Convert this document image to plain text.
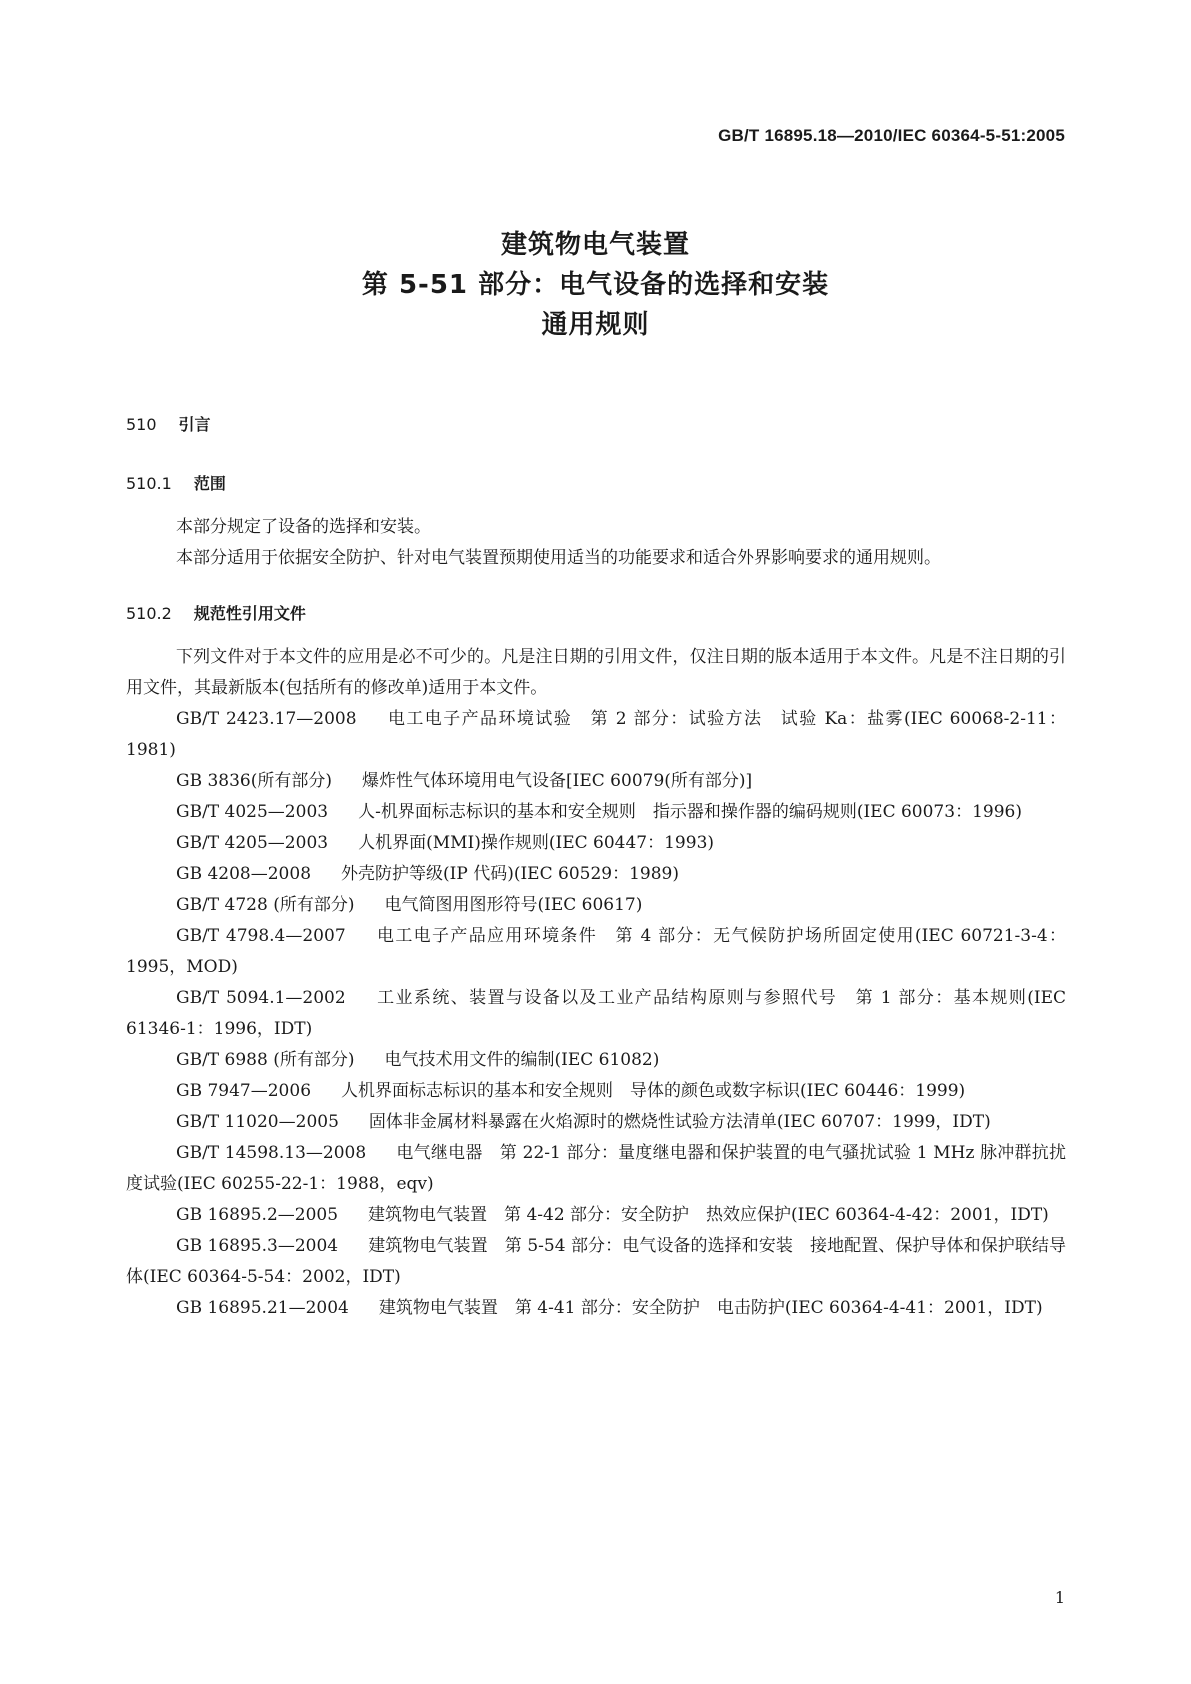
GB/T 16895.18—2010/IEC 60364-5-51:2005
建筑物电气装置
第 5-51 部分：电气设备的选择和安装
通用规则
510 引言
510.1 范围

本部分规定了设备的选择和安装。

本部分适用于依据安全防护、针对电气装置预期使用适当的功能要求和适合外界影响要求的通用规则。

510.2 规范性引用文件

下列文件对于本文件的应用是必不可少的。凡是注日期的引用文件，仅注日期的版本适用于本文件。凡是不注日期的引用文件，其最新版本(包括所有的修改单)适用于本文件。

GB/T 2423.17—2008 电工电子产品环境试验　第 2 部分：试验方法　试验 Ka：盐雾(IEC 60068-2-11：1981)

GB 3836(所有部分) 爆炸性气体环境用电气设备[IEC 60079(所有部分)]

GB/T 4025—2003 人-机界面标志标识的基本和安全规则　指示器和操作器的编码规则(IEC 60073：1996)

GB/T 4205—2003 人机界面(MMI)操作规则(IEC 60447：1993)

GB 4208—2008 外壳防护等级(IP 代码)(IEC 60529：1989)

GB/T 4728 (所有部分) 电气简图用图形符号(IEC 60617)

GB/T 4798.4—2007 电工电子产品应用环境条件　第 4 部分：无气候防护场所固定使用(IEC 60721-3-4：1995，MOD)

GB/T 5094.1—2002 工业系统、装置与设备以及工业产品结构原则与参照代号　第 1 部分：基本规则(IEC 61346-1：1996，IDT)

GB/T 6988 (所有部分) 电气技术用文件的编制(IEC 61082)

GB 7947—2006 人机界面标志标识的基本和安全规则　导体的颜色或数字标识(IEC 60446：1999)

GB/T 11020—2005 固体非金属材料暴露在火焰源时的燃烧性试验方法清单(IEC 60707：1999，IDT)

GB/T 14598.13—2008 电气继电器　第 22-1 部分：量度继电器和保护装置的电气骚扰试验 1 MHz 脉冲群抗扰度试验(IEC 60255-22-1：1988，eqv)

GB 16895.2—2005 建筑物电气装置　第 4-42 部分：安全防护　热效应保护(IEC 60364-4-42：2001，IDT)

GB 16895.3—2004 建筑物电气装置　第 5-54 部分：电气设备的选择和安装　接地配置、保护导体和保护联结导体(IEC 60364-5-54：2002，IDT)

GB 16895.21—2004 建筑物电气装置　第 4-41 部分：安全防护　电击防护(IEC 60364-4-41：2001，IDT)

1
